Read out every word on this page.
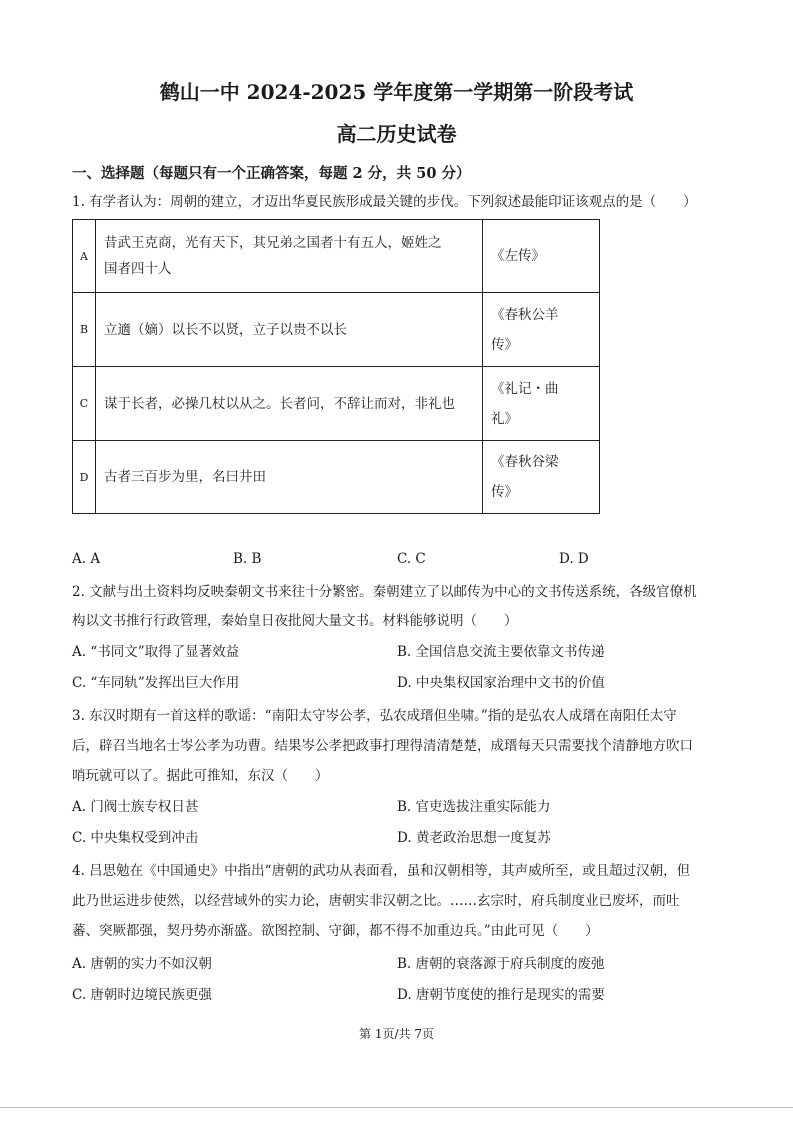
鹤山一中 2024-2025 学年度第一学期第一阶段考试
高二历史试卷
一、选择题（每题只有一个正确答案，每题 2 分，共 50 分）
1. 有学者认为：周朝的建立，才迈出华夏民族形成最关键的步伐。下列叙述最能印证该观点的是（　　）
A	昔武王克商，光有天下，其兄弟之国者十有五人，姬姓之
国者四十人	《左传》
B	立適（嫡）以长不以贤，立子以贵不以长	《春秋公羊
传》
C	谋于长者，必操几杖以从之。长者问，不辞让而对，非礼也	《礼记・曲
礼》
D	古者三百步为里，名曰井田	《春秋谷梁
传》
A. A	B. B	C. C	D. D
2. 文献与出土资料均反映秦朝文书来往十分繁密。秦朝建立了以邮传为中心的文书传送系统，各级官僚机
构以文书推行行政管理，秦始皇日夜批阅大量文书。材料能够说明（　　）
A. “书同文”取得了显著效益	B. 全国信息交流主要依靠文书传递
C. “车同轨”发挥出巨大作用	D. 中央集权国家治理中文书的价值
3. 东汉时期有一首这样的歌谣：“南阳太守岑公孝，弘农成瑨但坐啸。”指的是弘农人成瑨在南阳任太守
后，辟召当地名士岑公孝为功曹。结果岑公孝把政事打理得清清楚楚，成瑨每天只需要找个清静地方吹口
哨玩就可以了。据此可推知，东汉（　　）
A. 门阀士族专权日甚	B. 官吏选拔注重实际能力
C. 中央集权受到冲击	D. 黄老政治思想一度复苏
4. 吕思勉在《中国通史》中指出“唐朝的武功从表面看，虽和汉朝相等，其声威所至，或且超过汉朝，但
此乃世运进步使然，以经营域外的实力论，唐朝实非汉朝之比。……玄宗时，府兵制度业已废坏，而吐
蕃、突厥都强，契丹势亦渐盛。欲图控制、守御，都不得不加重边兵。”由此可见（　　）
A. 唐朝的实力不如汉朝	B. 唐朝的衰落源于府兵制度的废弛
C. 唐朝时边境民族更强	D. 唐朝节度使的推行是现实的需要
第 1页/共 7页
